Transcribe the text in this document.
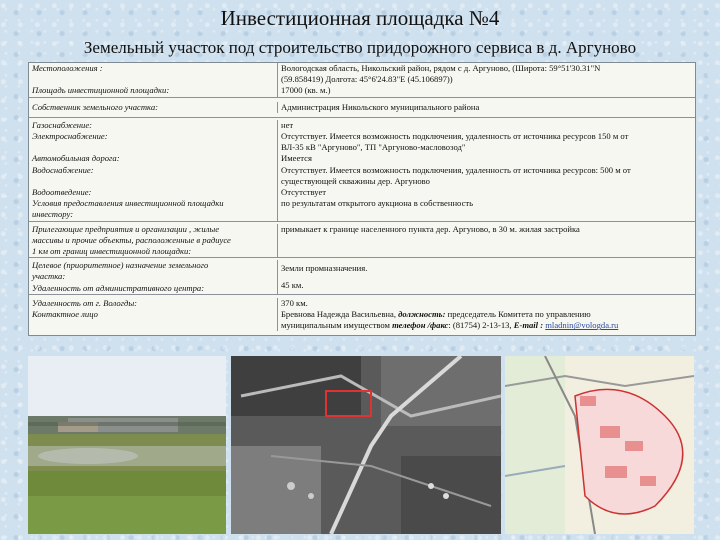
Инвестиционная площадка №4
Земельный участок под строительство придорожного сервиса в д. Аргуново
Местоположения :

Площадь инвестиционной площадки:
Вологодская область, Никольский район, рядом с д. Аргуново, (Широта: 59°51'30.31"N
(59.858419) Долгота: 45°6'24.83"E (45.106897))
17000 (кв. м.)
Собственник земельного участка:	Администрация Никольского муниципального района
Газоснабжение:
Электроснабжение:

Автомобильная дорога:
Водоснабжение:

Водоотведение:
Условия предоставления инвестиционной площадки
инвестору:
нет
Отсутствует. Имеется возможность подключения, удаленность от источника ресурсов 150 м от
ВЛ-35 кВ "Аргуново", ТП "Аргуново-масловозод"
Имеется
Отсутствует. Имеется возможность подключения, удаленность от источника ресурсов: 500 м от
существующей скважины дер. Аргуново
Отсутствует
по результатам открытого аукциона в собственность

Прилегающие предприятия и организации , жилые
массивы и прочие объекты, расположенные в радиусе
1 км от границ инвестиционной площадки:
примыкает к границе населенного пункта дер. Аргуново, в 30 м. жилая застройка
Целевое (приоритетное) назначение земельного
участка:
Удаленность от административного центра:

Земли промназначения.

45 км.
Удаленность от г. Вологды:
Контактное лицо
370 км.
Бревнова Надежда Васильевна, должность: председатель Комитета по управлению
муниципальным имуществом телефон /факс: (81754) 2-13-13, E-mail : mladnin@vologda.ru
